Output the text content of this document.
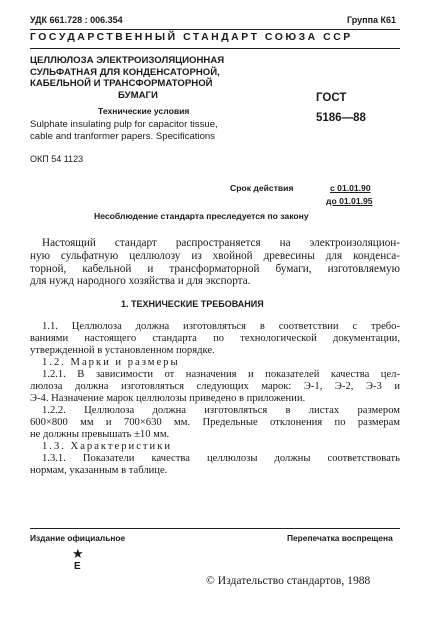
УДК 661.728 : 006.354	Группа К61
ГОСУДАРСТВЕННЫЙ СТАНДАРТ СОЮЗА ССР
ЦЕЛЛЮЛОЗА ЭЛЕКТРОИЗОЛЯЦИОННАЯ
СУЛЬФАТНАЯ ДЛЯ КОНДЕНСАТОРНОЙ,
КАБЕЛЬНОЙ И ТРАНСФОРМАТОРНОЙ
БУМАГИ
Технические условия
Sulphate insulating pulp for capacitor tissue,
cable and tranformer papers. Specifications
ОКП 54 1123
ГОСТ
5186—88
Срок действия	с 01.01.90
до 01.01.95
Несоблюдение стандарта преследуется по закону
Настоящий стандарт распространяется на электроизоляцион-
ную сульфатную целлюлозу из хвойной древесины для конденса-
торной, кабельной и трансформаторной бумаги, изготовляемую
для нужд народного хозяйства и для экспорта.
1. ТЕХНИЧЕСКИЕ ТРЕБОВАНИЯ
1.1. Целлюлоза должна изготовляться в соответствии с требо-
ваниями настоящего стандарта по технологической документации,
утвержденной в установленном порядке.
1.2. Марки и размеры
1.2.1. В зависимости от назначения и показателей качества цел-
люлоза должна изготовляться следующих марок: Э-1, Э-2, Э-3 и
Э-4. Назначение марок целлюлозы приведено в приложении.
1.2.2. Целлюлоза должна изготовляться в листах размером
600×800 мм и 700×630 мм. Предельные отклонения по размерам
не должны превышать ±10 мм.
1.3. Характеристики
1.3.1. Показатели качества целлюлозы должны соответствовать
нормам, указанным в таблице.
Издание официальное	Перепечатка воспрещена
★
Е
© Издательство стандартов, 1988
